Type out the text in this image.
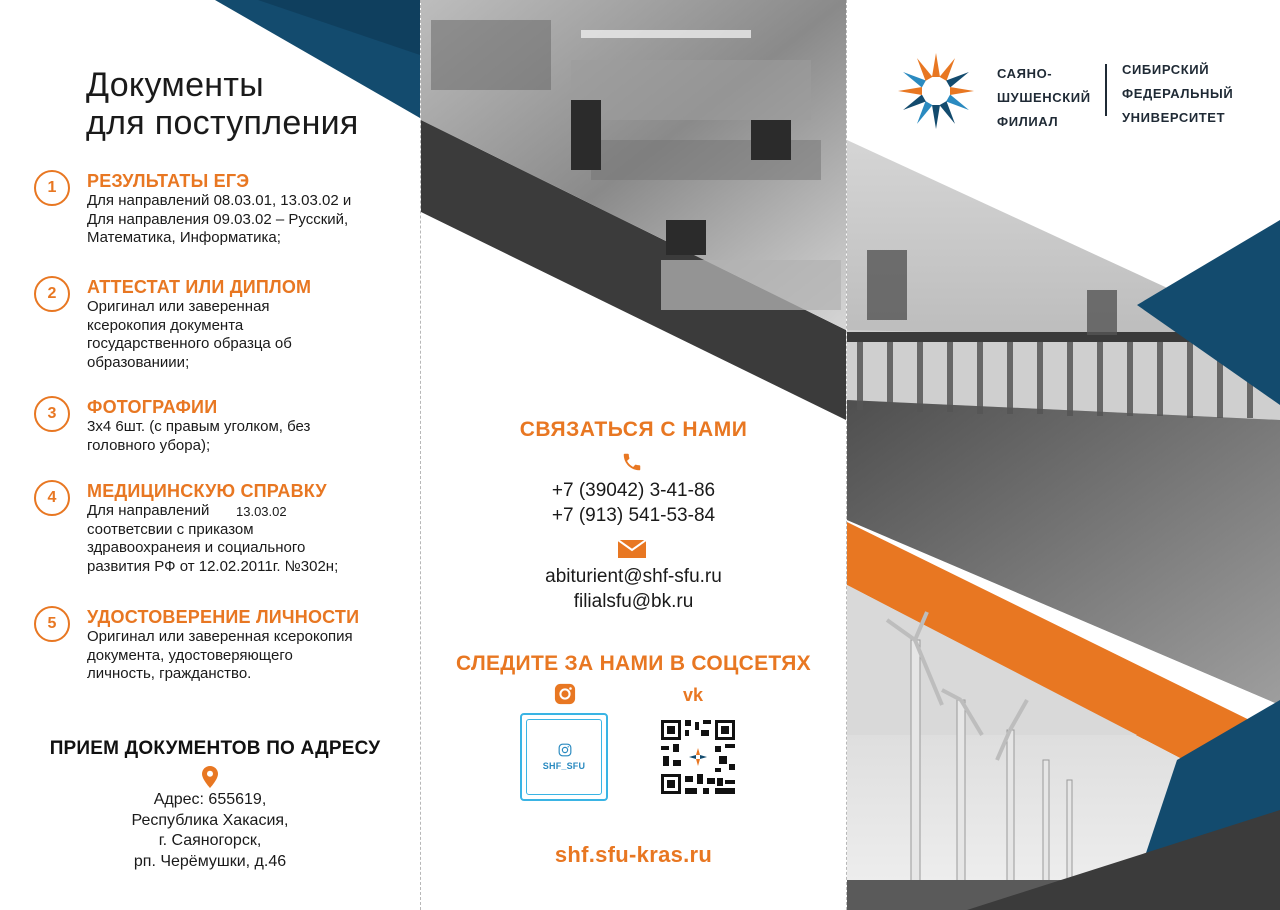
Документы
для поступления
1	РЕЗУЛЬТАТЫ ЕГЭ
Для направлений 08.03.01, 13.03.02 и
Для направления 09.03.02 – Русский,
Математика, Информатика;
2	АТТЕСТАТ ИЛИ ДИПЛОМ
Оригинал или заверенная
ксерокопия документа
государственного образца об
образованиии;
3	ФОТОГРАФИИ
3х4 6шт. (с правым уголком, без
головного убора);
4	МЕДИЦИНСКУЮ СПРАВКУ
Для направлений
соответсвии с приказом
здравоохранеия и социального
развития РФ от 12.02.2011г. №302н;
5	УДОСТОВЕРЕНИЕ ЛИЧНОСТИ
Оригинал или заверенная ксерокопия
документа, удостоверяющего
личность, гражданство.
13.03.02
ПРИЕМ ДОКУМЕНТОВ ПО АДРЕСУ
Адрес: 655619,
Республика Хакасия,
г. Саяногорск,
рп. Черёмушки, д.46
СВЯЗАТЬСЯ С НАМИ
+7 (39042) 3-41-86
+7 (913) 541-53-84
abiturient@shf-sfu.ru
filialsfu@bk.ru
СЛЕДИТЕ ЗА НАМИ В СОЦСЕТЯХ
vk
SHF_SFU
shf.sfu-kras.ru
САЯНО-
ШУШЕНСКИЙ
ФИЛИАЛ
СИБИРСКИЙ
ФЕДЕРАЛЬНЫЙ
УНИВЕРСИТЕТ
